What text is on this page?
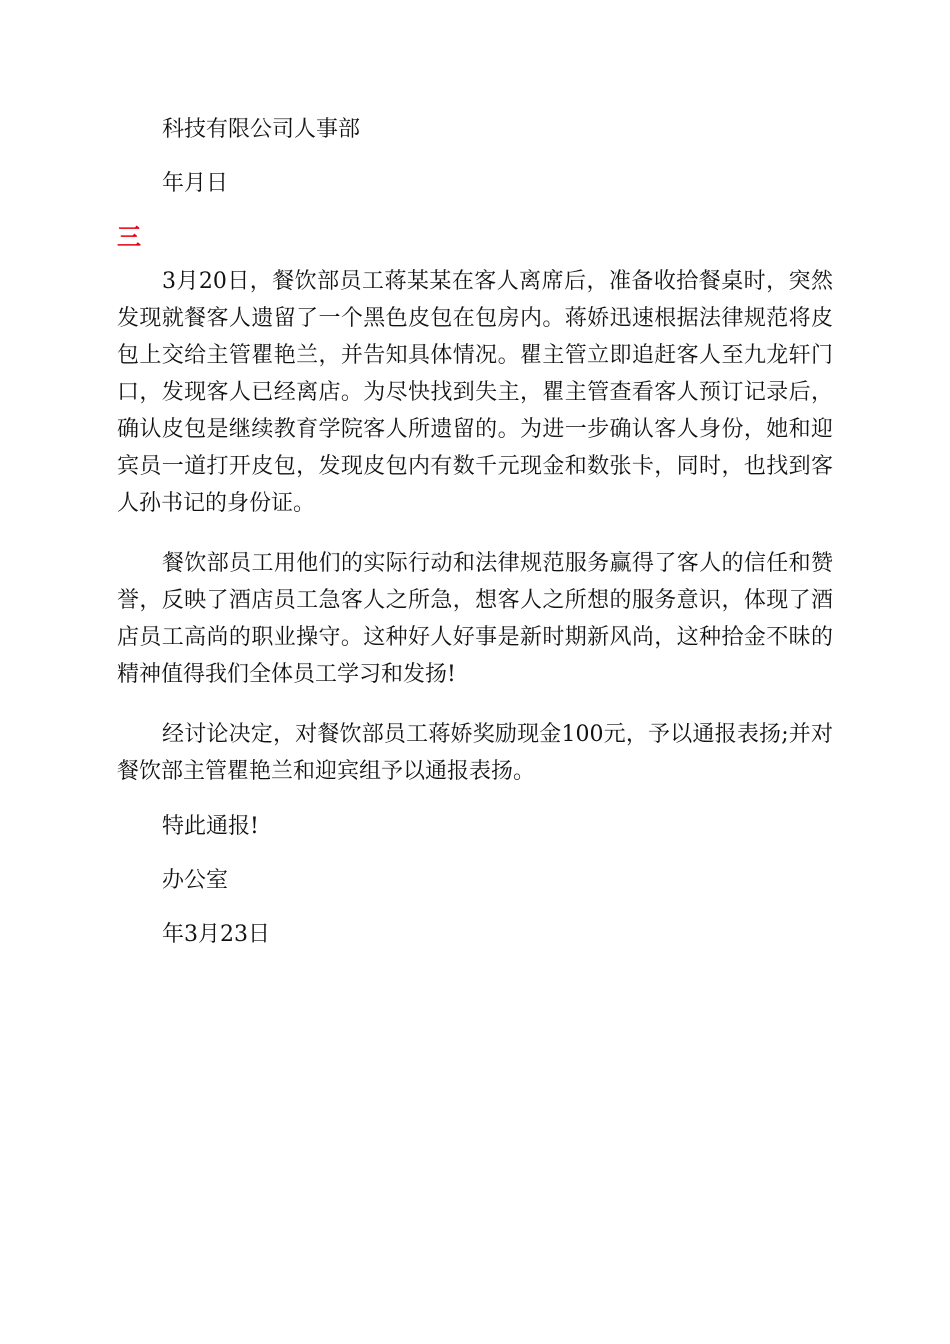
科技有限公司人事部
年月日
三

3月20日，餐饮部员工蒋某某在客人离席后，准备收拾餐桌时，突然发现就餐客人遗留了一个黑色皮包在包房内。蒋娇迅速根据法律规范将皮包上交给主管瞿艳兰，并告知具体情况。瞿主管立即追赶客人至九龙轩门口，发现客人已经离店。为尽快找到失主，瞿主管查看客人预订记录后，确认皮包是继续教育学院客人所遗留的。为进一步确认客人身份，她和迎宾员一道打开皮包，发现皮包内有数千元现金和数张卡，同时，也找到客人孙书记的身份证。

餐饮部员工用他们的实际行动和法律规范服务赢得了客人的信任和赞誉，反映了酒店员工急客人之所急，想客人之所想的服务意识，体现了酒店员工高尚的职业操守。这种好人好事是新时期新风尚，这种拾金不昧的精神值得我们全体员工学习和发扬!

经讨论决定，对餐饮部员工蒋娇奖励现金100元，予以通报表扬;并对餐饮部主管瞿艳兰和迎宾组予以通报表扬。

特此通报!
办公室
年3月23日
